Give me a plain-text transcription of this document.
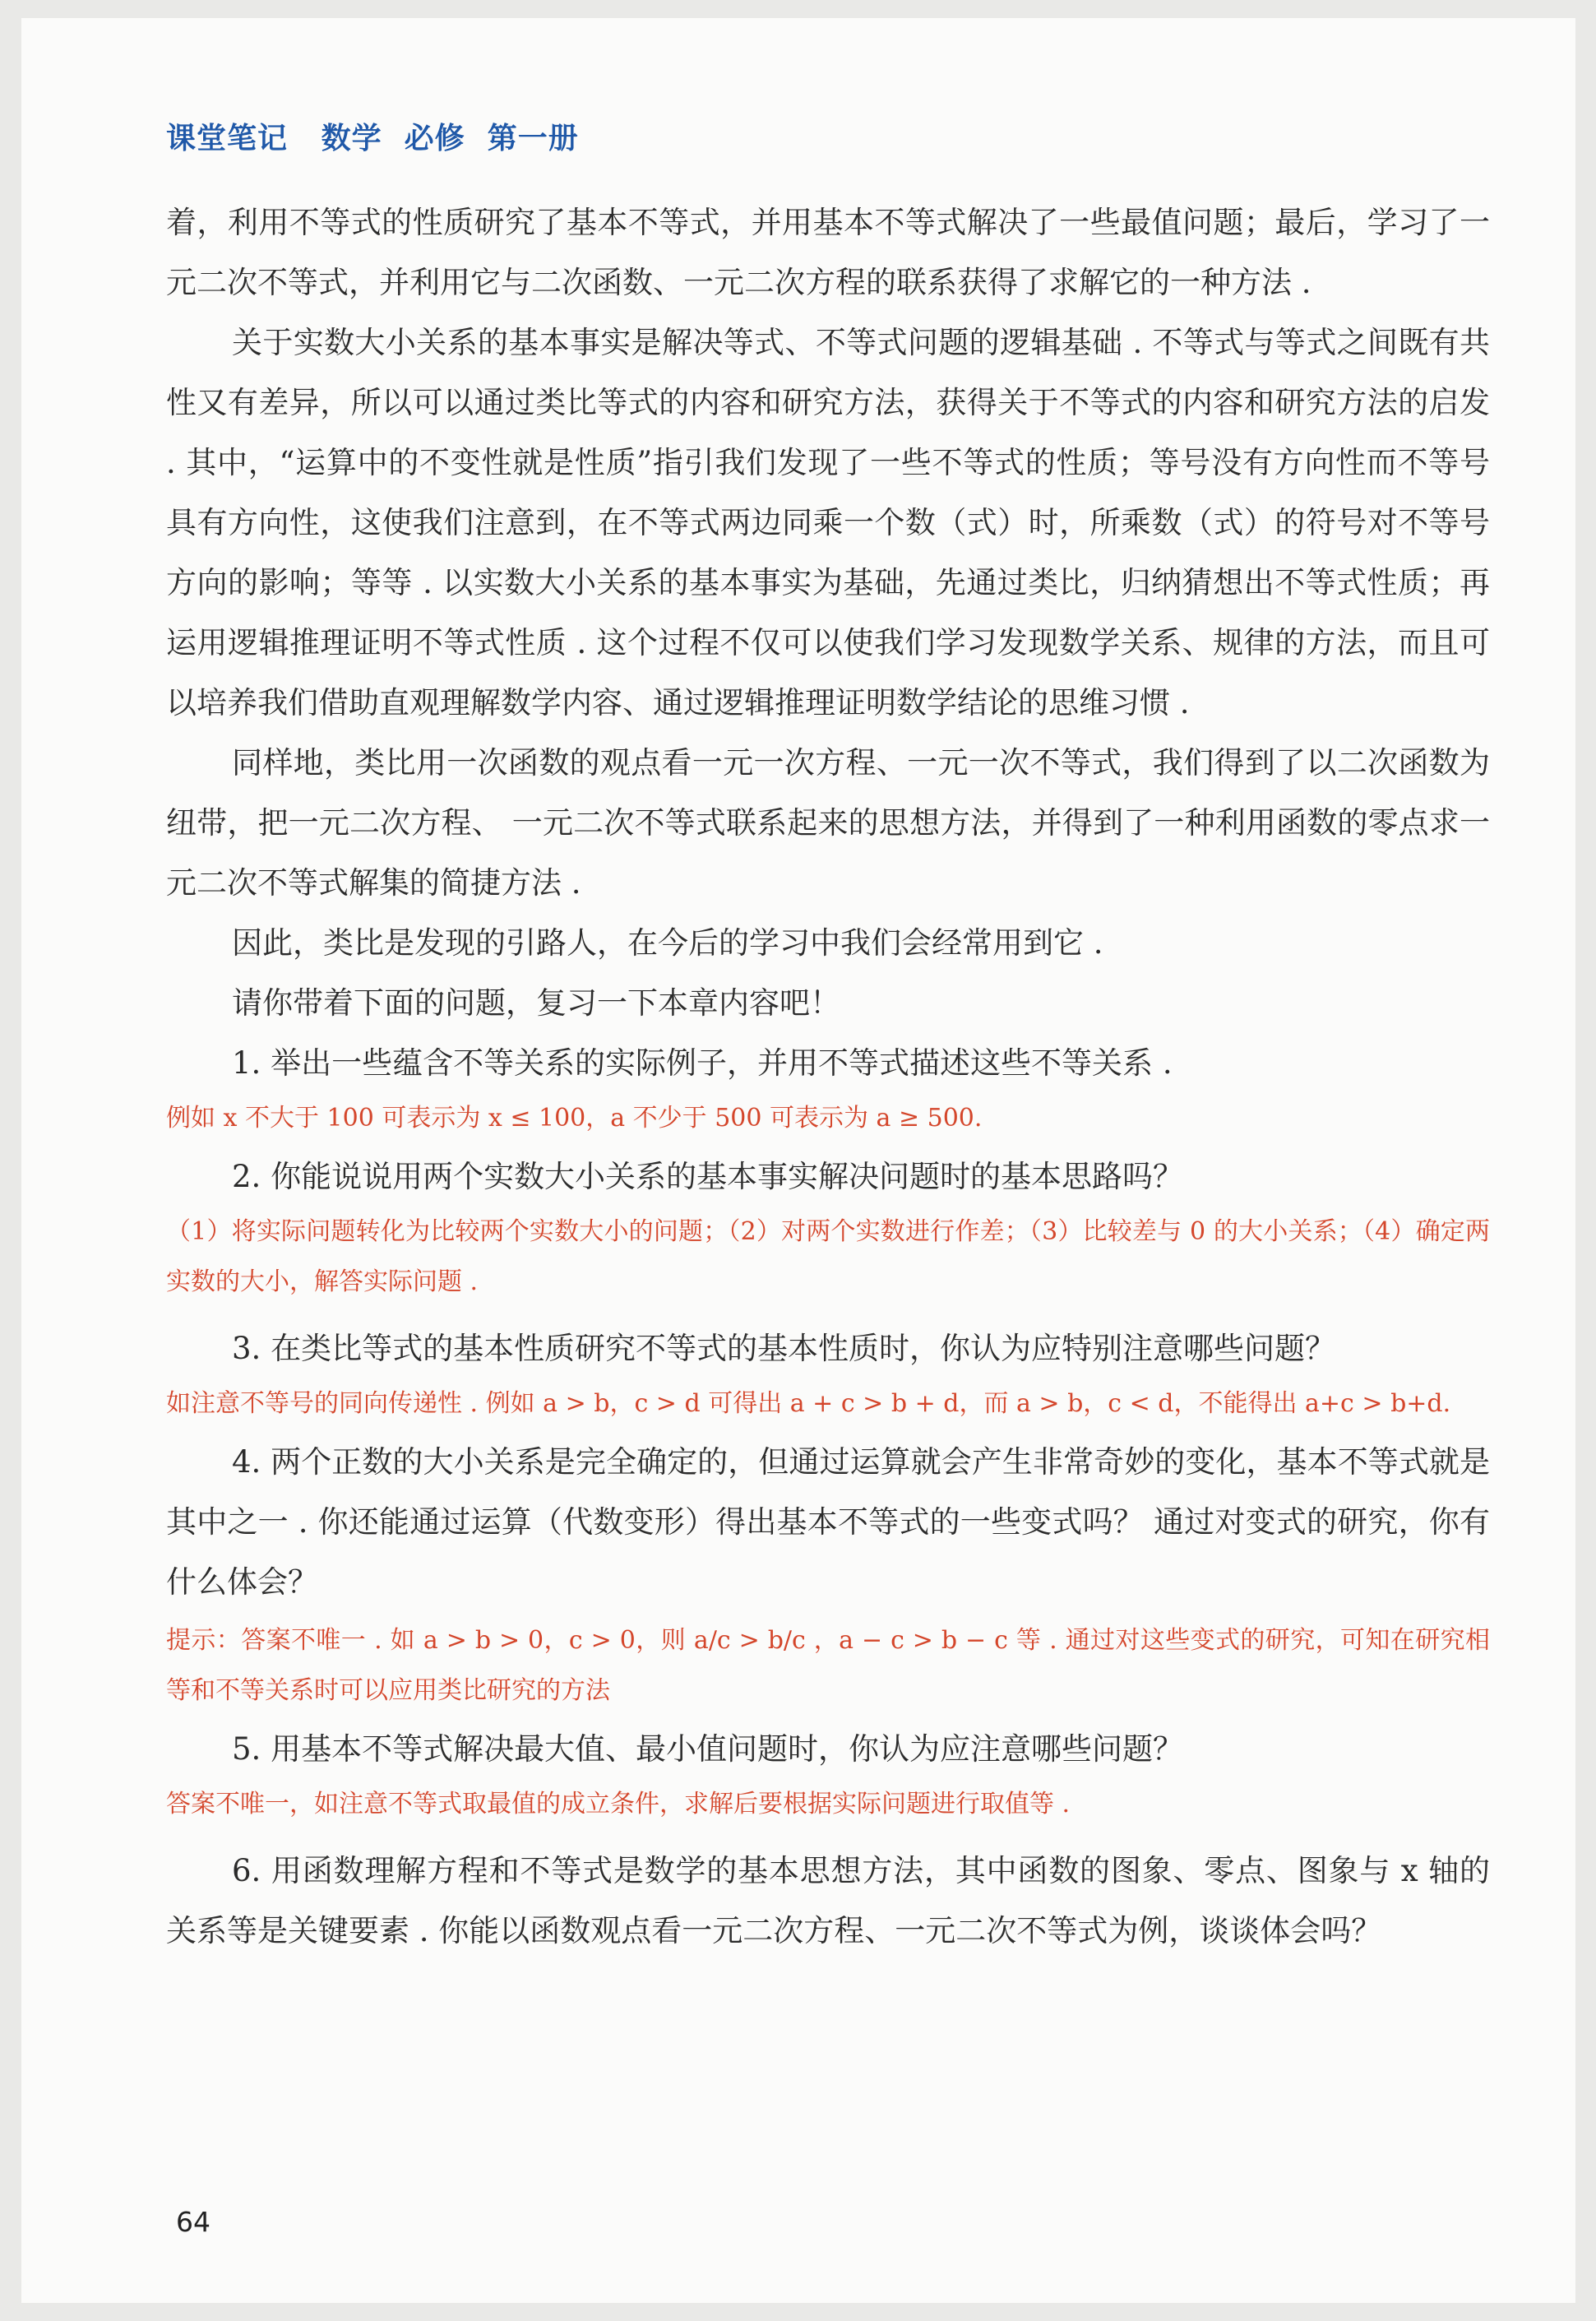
课堂笔记   数学  必修  第一册

着，利用不等式的性质研究了基本不等式，并用基本不等式解决了一些最值问题；最后，学习了一元二次不等式，并利用它与二次函数、一元二次方程的联系获得了求解它的一种方法 .

关于实数大小关系的基本事实是解决等式、不等式问题的逻辑基础 . 不等式与等式之间既有共性又有差异，所以可以通过类比等式的内容和研究方法，获得关于不等式的内容和研究方法的启发 . 其中，“运算中的不变性就是性质”指引我们发现了一些不等式的性质；等号没有方向性而不等号具有方向性，这使我们注意到，在不等式两边同乘一个数（式）时，所乘数（式）的符号对不等号方向的影响；等等 . 以实数大小关系的基本事实为基础，先通过类比，归纳猜想出不等式性质；再运用逻辑推理证明不等式性质 . 这个过程不仅可以使我们学习发现数学关系、规律的方法，而且可以培养我们借助直观理解数学内容、通过逻辑推理证明数学结论的思维习惯 .

同样地，类比用一次函数的观点看一元一次方程、一元一次不等式，我们得到了以二次函数为纽带，把一元二次方程、 一元二次不等式联系起来的思想方法，并得到了一种利用函数的零点求一元二次不等式解集的简捷方法 .

因此，类比是发现的引路人，在今后的学习中我们会经常用到它 .

请你带着下面的问题，复习一下本章内容吧！

1. 举出一些蕴含不等关系的实际例子，并用不等式描述这些不等关系 .

例如 x 不大于 100 可表示为 x ≤ 100，a 不少于 500 可表示为 a ≥ 500.

2. 你能说说用两个实数大小关系的基本事实解决问题时的基本思路吗？

（1）将实际问题转化为比较两个实数大小的问题；（2）对两个实数进行作差；（3）比较差与 0 的大小关系；（4）确定两实数的大小，解答实际问题 .

3. 在类比等式的基本性质研究不等式的基本性质时，你认为应特别注意哪些问题？

如注意不等号的同向传递性 . 例如 a > b，c > d 可得出 a + c > b + d，而 a > b，c < d，不能得出 a+c > b+d.

4. 两个正数的大小关系是完全确定的，但通过运算就会产生非常奇妙的变化，基本不等式就是其中之一 . 你还能通过运算（代数变形）得出基本不等式的一些变式吗？ 通过对变式的研究，你有什么体会？

提示：答案不唯一 . 如 a > b > 0，c > 0，则 a/c > b/c ，a − c > b − c 等 . 通过对这些变式的研究，可知在研究相等和不等关系时可以应用类比研究的方法

5. 用基本不等式解决最大值、最小值问题时，你认为应注意哪些问题？

答案不唯一，如注意不等式取最值的成立条件，求解后要根据实际问题进行取值等 .

6. 用函数理解方程和不等式是数学的基本思想方法，其中函数的图象、零点、图象与 x 轴的关系等是关键要素 . 你能以函数观点看一元二次方程、一元二次不等式为例，谈谈体会吗？

64
